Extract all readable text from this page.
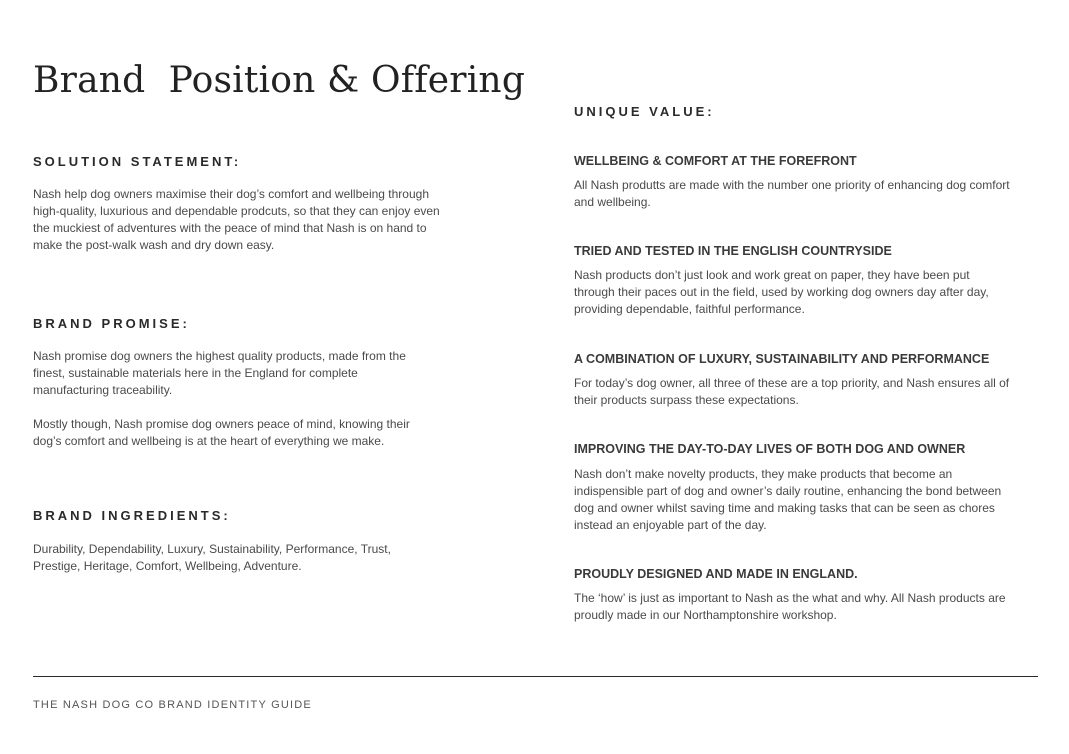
Brand  Position & Offering
SOLUTION STATEMENT:

Nash help dog owners maximise their dog’s comfort and wellbeing through high-quality, luxurious and dependable prodcuts, so that they can enjoy even the muckiest of adventures with the peace of mind that Nash is on hand to make the post-walk wash and dry down easy.

BRAND PROMISE:

Nash promise dog owners the highest quality products, made from the finest, sustainable materials here in the England for complete manufacturing traceability.

Mostly though, Nash promise dog owners peace of mind, knowing their dog’s comfort and wellbeing is at the heart of everything we make.

BRAND INGREDIENTS:

Durability, Dependability, Luxury, Sustainability, Performance, Trust, Prestige, Heritage, Comfort, Wellbeing, Adventure.

UNIQUE VALUE:
WELLBEING & COMFORT AT THE FOREFRONT

All Nash produtts are made with the number one priority of enhancing dog comfort and wellbeing.

TRIED AND TESTED IN THE ENGLISH COUNTRYSIDE

Nash products don’t just look and work great on paper, they have been put through their paces out in the field, used by working dog owners day after day, providing dependable, faithful performance.

A COMBINATION OF LUXURY, SUSTAINABILITY AND PERFORMANCE

For today’s dog owner, all three of these are a top priority, and Nash ensures all of their products surpass these expectations.

IMPROVING THE DAY-TO-DAY LIVES OF BOTH DOG AND OWNER

Nash don’t make novelty products, they make products that become an indispensible part of dog and owner’s daily routine, enhancing the bond between dog and owner whilst saving time and making tasks that can be seen as chores instead an enjoyable part of the day.

PROUDLY DESIGNED AND MADE IN ENGLAND.

The ‘how’ is just as important to Nash as the what and why. All Nash products are proudly made in our Northamptonshire workshop.

THE NASH DOG CO BRAND IDENTITY GUIDE
